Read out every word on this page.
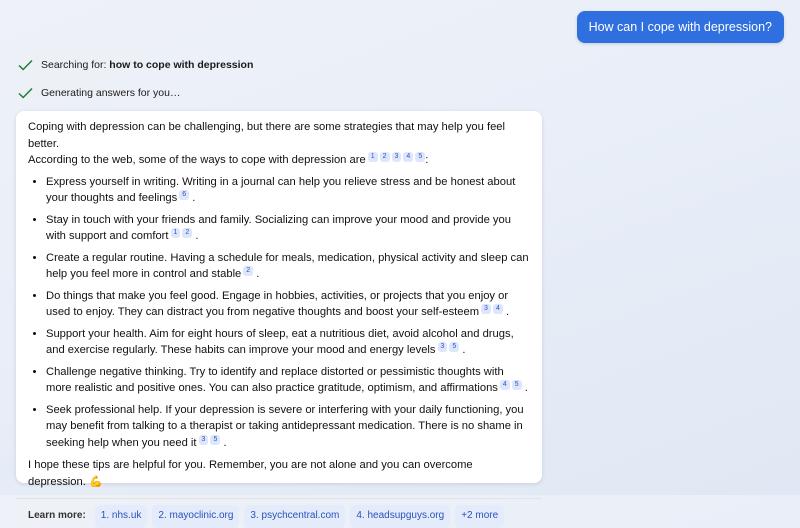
How can I cope with depression?
Searching for: how to cope with depression
Generating answers for you…

Coping with depression can be challenging, but there are some strategies that may help you feel better.
According to the web, some of the ways to cope with depression are 1 2 3 4 5 :

• Express yourself in writing. Writing in a journal can help you relieve stress and be honest about your thoughts and feelings 6 .
• Stay in touch with your friends and family. Socializing can improve your mood and provide you with support and comfort 1 2 .
• Create a regular routine. Having a schedule for meals, medication, physical activity and sleep can help you feel more in control and stable 2 .
• Do things that make you feel good. Engage in hobbies, activities, or projects that you enjoy or used to enjoy. They can distract you from negative thoughts and boost your self-esteem 3 4 .
• Support your health. Aim for eight hours of sleep, eat a nutritious diet, avoid alcohol and drugs, and exercise regularly. These habits can improve your mood and energy levels 3 5 .
• Challenge negative thinking. Try to identify and replace distorted or pessimistic thoughts with more realistic and positive ones. You can also practice gratitude, optimism, and affirmations 4 5 .
• Seek professional help. If your depression is severe or interfering with your daily functioning, you may benefit from talking to a therapist or taking antidepressant medication. There is no shame in seeking help when you need it 3 5 .

I hope these tips are helpful for you. Remember, you are not alone and you can overcome depression. 💪

Learn more:	1. nhs.uk	2. mayoclinic.org	3. psychcentral.com	4. headsupguys.org	+2 more
